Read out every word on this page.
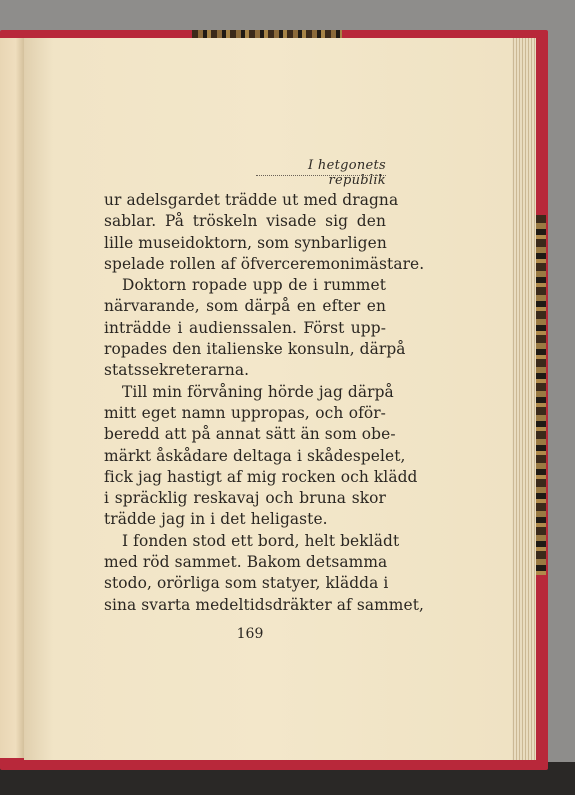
I hetgonets republik
ur adelsgardet trädde ut med dragna
sablar. På tröskeln visade sig den
lille museidoktorn, som synbarligen
spelade rollen af öfverceremonimästare.
Doktorn ropade upp de i rummet
närvarande, som därpå en efter en
inträdde i audienssalen. Först upp-
ropades den italienske konsuln, därpå
statssekreterarna.
Till min förvåning hörde jag därpå
mitt eget namn uppropas, och oför-
beredd att på annat sätt än som obe-
märkt åskådare deltaga i skådespelet,
fick jag hastigt af mig rocken och klädd
i spräcklig reskavaj och bruna skor
trädde jag in i det heligaste.
I fonden stod ett bord, helt beklädt
med röd sammet. Bakom detsamma
stodo, orörliga som statyer, klädda i
sina svarta medeltidsdräkter af sammet,
169
